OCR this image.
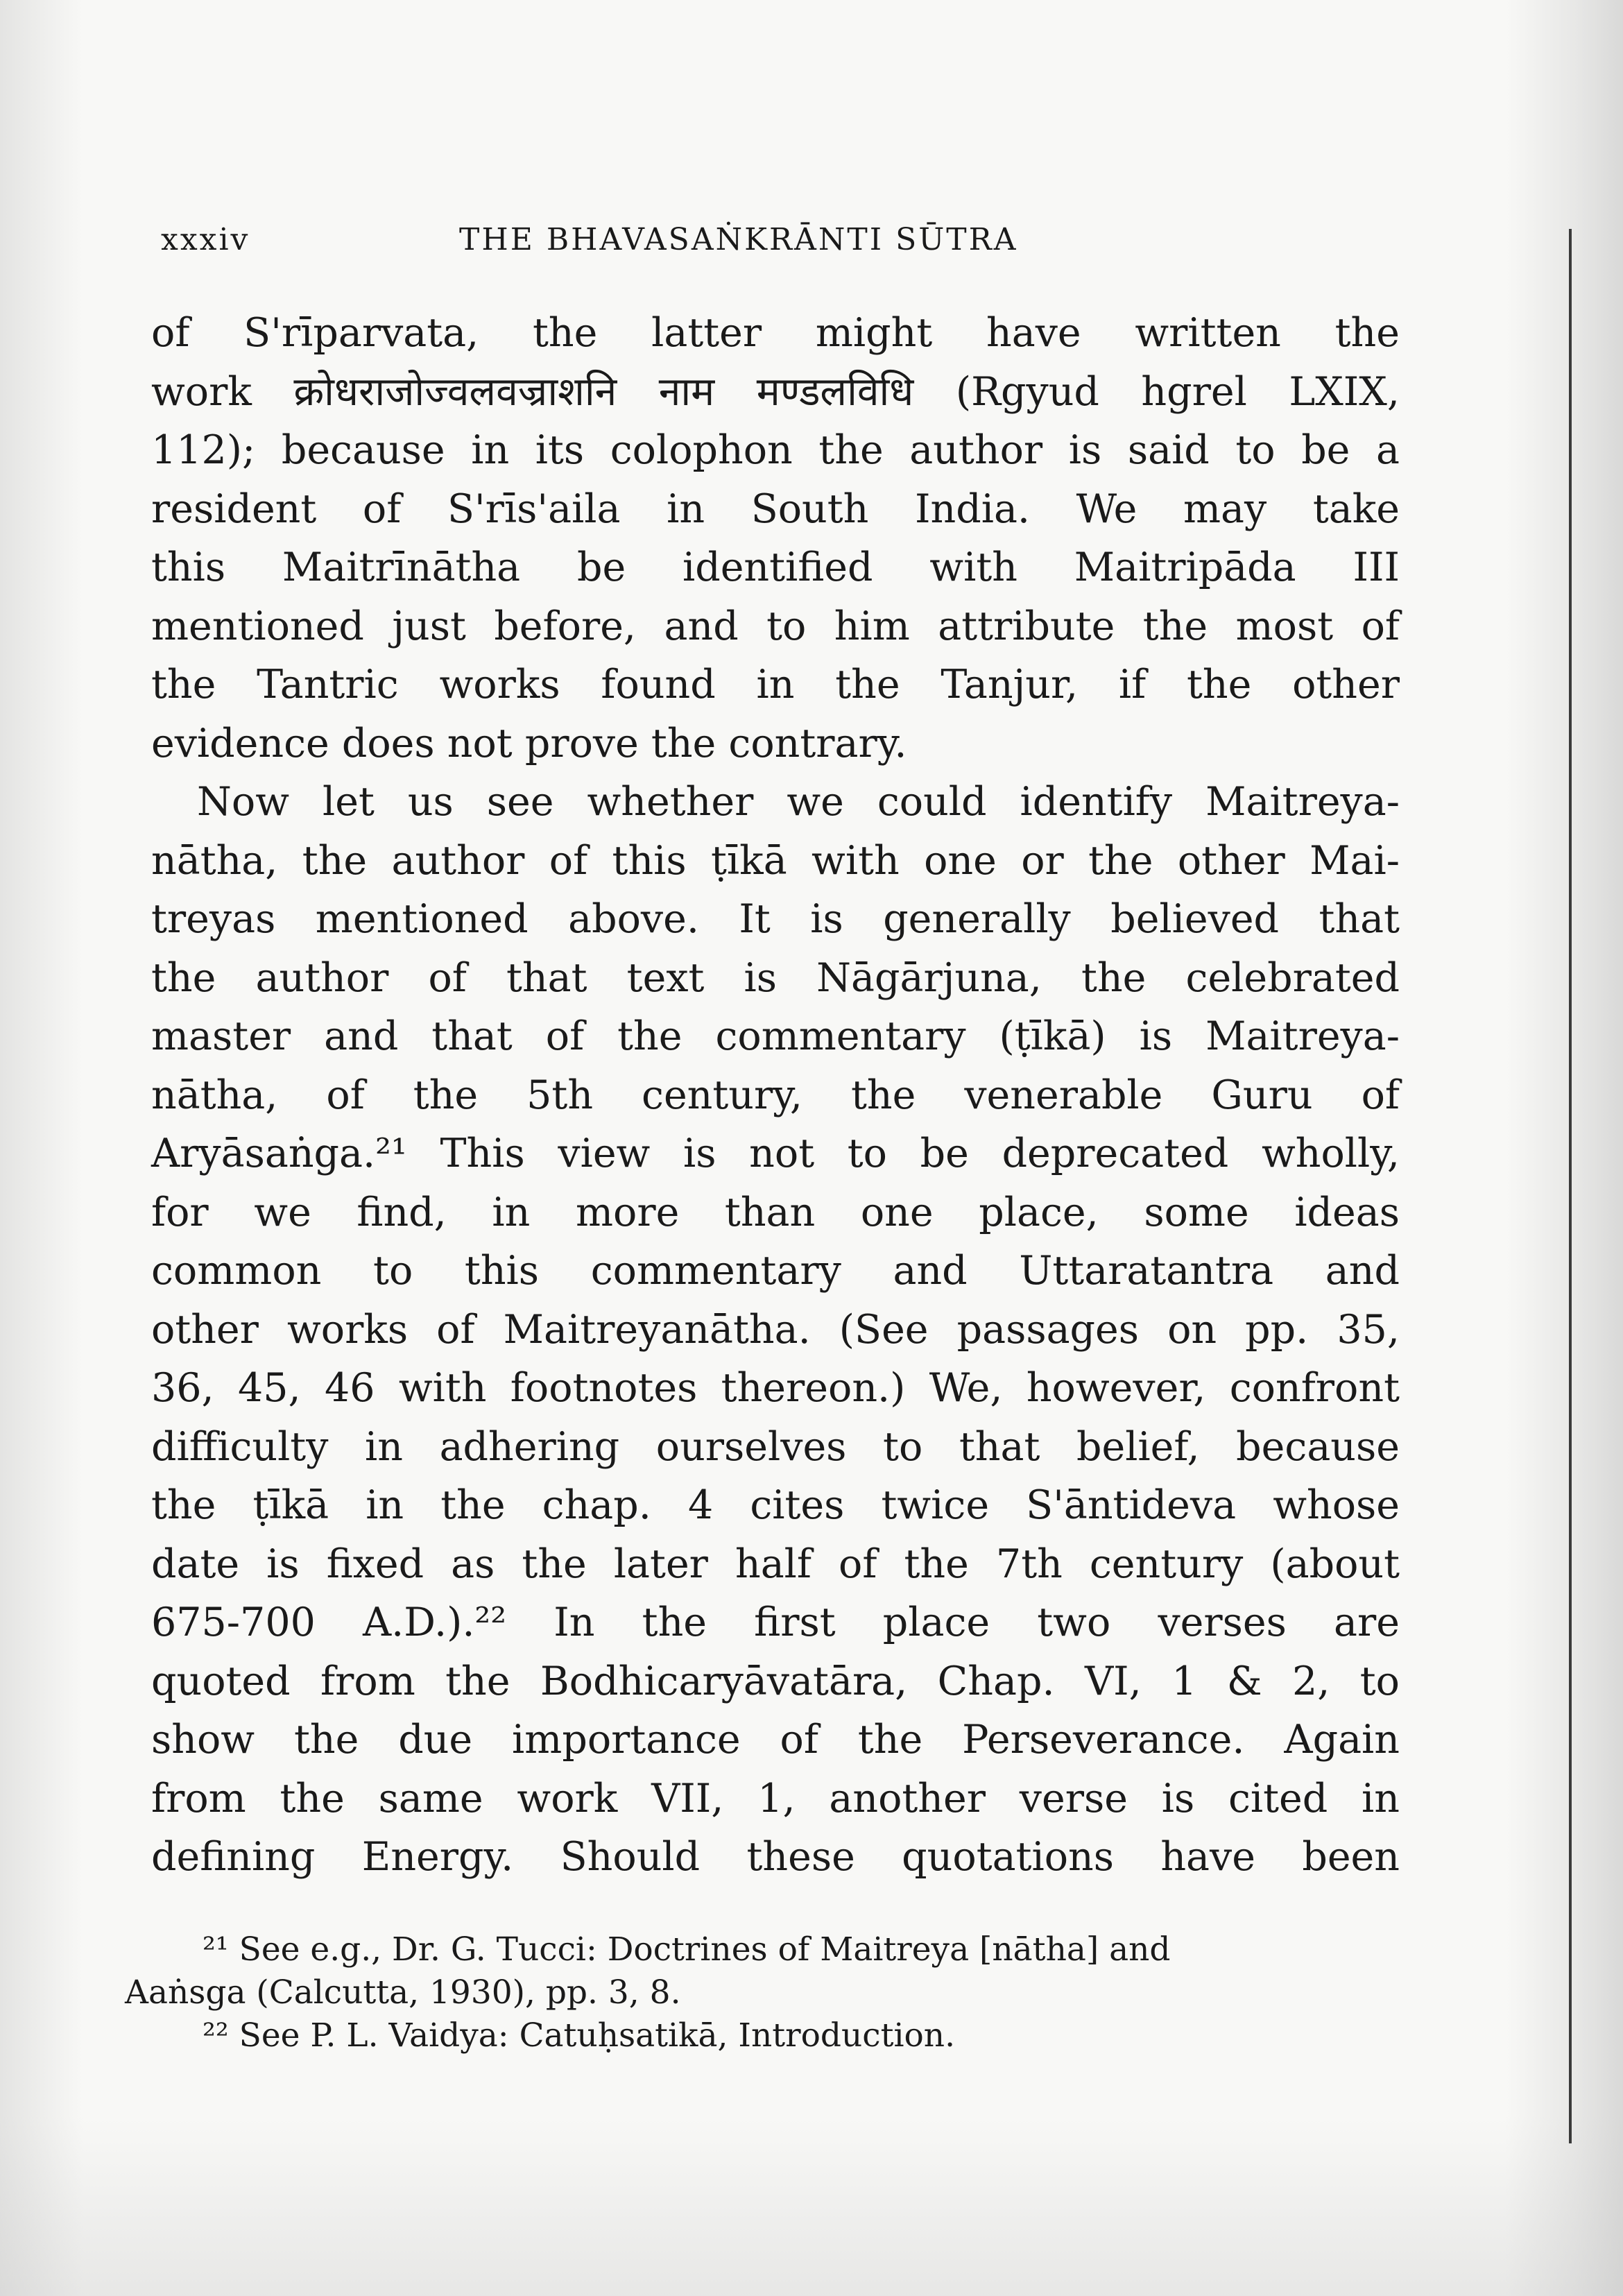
xxxiv	THE BHAVASAṄKRĀNTI SŪTRA
of S'rīparvata, the latter might have written the
work क्रोधराजोज्वलवज्राशनि नाम मण्डलविधि (Rgyud hgrel LXIX,
112); because in its colophon the author is said to be a
resident of S'rīs'aila in South India. We may take
this Maitrīnātha be identified with Maitripāda III
mentioned just before, and to him attribute the most of
the Tantric works found in the Tanjur, if the other
evidence does not prove the contrary.
Now let us see whether we could identify Maitreya-
nātha, the author of this ṭīkā with one or the other Mai-
treyas mentioned above. It is generally believed that
the author of that text is Nāgārjuna, the celebrated
master and that of the commentary (ṭīkā) is Maitreya-
nātha, of the 5th century, the venerable Guru of
Aryāsaṅga.²¹ This view is not to be deprecated wholly,
for we find, in more than one place, some ideas
common to this commentary and Uttaratantra and
other works of Maitreyanātha. (See passages on pp. 35,
36, 45, 46 with footnotes thereon.) We, however, confront
difficulty in adhering ourselves to that belief, because
the ṭīkā in the chap. 4 cites twice S'āntideva whose
date is fixed as the later half of the 7th century (about
675-700 A.D.).²² In the first place two verses are
quoted from the Bodhicaryāvatāra, Chap. VI, 1 & 2, to
show the due importance of the Perseverance. Again
from the same work VII, 1, another verse is cited in
defining Energy. Should these quotations have been
²¹ See e.g., Dr. G. Tucci: Doctrines of Maitreya [nātha] and
Aaṅsga (Calcutta, 1930), pp. 3, 8.
²² See P. L. Vaidya: Catuḥsatikā, Introduction.
